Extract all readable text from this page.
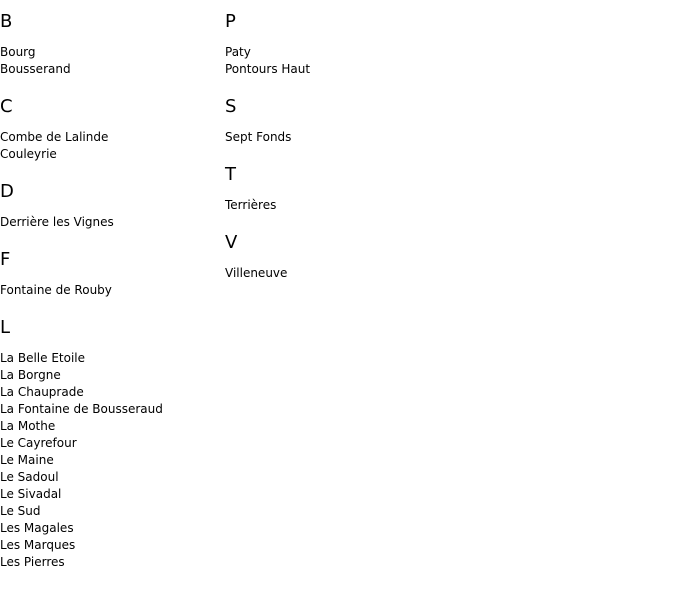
B
Bourg
Bousserand
C
Combe de Lalinde
Couleyrie
D
Derrière les Vignes
F
Fontaine de Rouby
L
La Belle Etoile
La Borgne
La Chauprade
La Fontaine de Bousseraud
La Mothe
Le Cayrefour
Le Maine
Le Sadoul
Le Sivadal
Le Sud
Les Magales
Les Marques
Les Pierres
P
Paty
Pontours Haut
S
Sept Fonds
T
Terrières
V
Villeneuve
